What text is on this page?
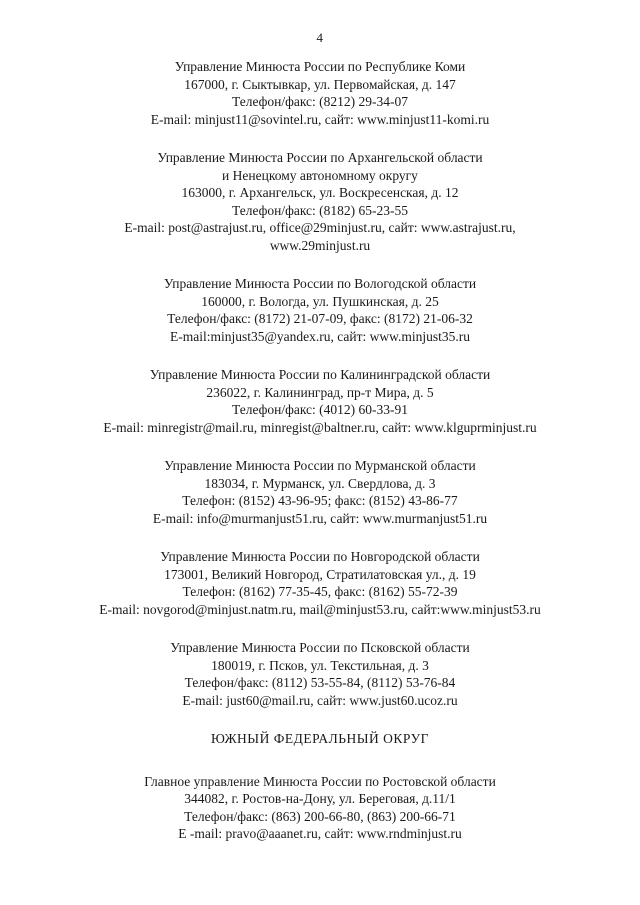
4
Управление Минюста России по Республике Коми
167000, г. Сыктывкар, ул. Первомайская, д. 147
Телефон/факс: (8212) 29-34-07
E-mail: minjust11@sovintel.ru, сайт: www.minjust11-komi.ru
Управление Минюста России по Архангельской области
и Ненецкому автономному округу
163000, г. Архангельск, ул. Воскресенская, д. 12
Телефон/факс: (8182) 65-23-55
E-mail: post@astrajust.ru, office@29minjust.ru, сайт: www.astrajust.ru,
www.29minjust.ru
Управление Минюста России по Вологодской области
160000, г. Вологда, ул. Пушкинская, д. 25
Телефон/факс: (8172) 21-07-09, факс: (8172) 21-06-32
E-mail:minjust35@yandex.ru, сайт: www.minjust35.ru
Управление Минюста России по Калининградской области
236022, г. Калининград, пр-т Мира, д. 5
Телефон/факс: (4012) 60-33-91
E-mail: minregistr@mail.ru, minregist@baltner.ru, сайт: www.klguprminjust.ru
Управление Минюста России по Мурманской области
183034, г. Мурманск, ул. Свердлова, д. 3
Телефон: (8152) 43-96-95; факс: (8152) 43-86-77
E-mail: info@murmanjust51.ru, сайт: www.murmanjust51.ru
Управление Минюста России по Новгородской области
173001, Великий Новгород, Стратилатовская ул., д. 19
Телефон: (8162) 77-35-45, факс: (8162) 55-72-39
E-mail: novgorod@minjust.natm.ru, mail@minjust53.ru, сайт:www.minjust53.ru
Управление Минюста России по Псковской области
180019, г. Псков, ул. Текстильная, д. 3
Телефон/факс: (8112) 53-55-84, (8112) 53-76-84
E-mail: just60@mail.ru, сайт: www.just60.ucoz.ru
ЮЖНЫЙ ФЕДЕРАЛЬНЫЙ ОКРУГ
Главное управление Минюста России по Ростовской области
344082, г. Ростов-на-Дону, ул. Береговая, д.11/1
Телефон/факс: (863) 200-66-80, (863) 200-66-71
E -mail: pravo@aaanet.ru, сайт: www.rndminjust.ru
